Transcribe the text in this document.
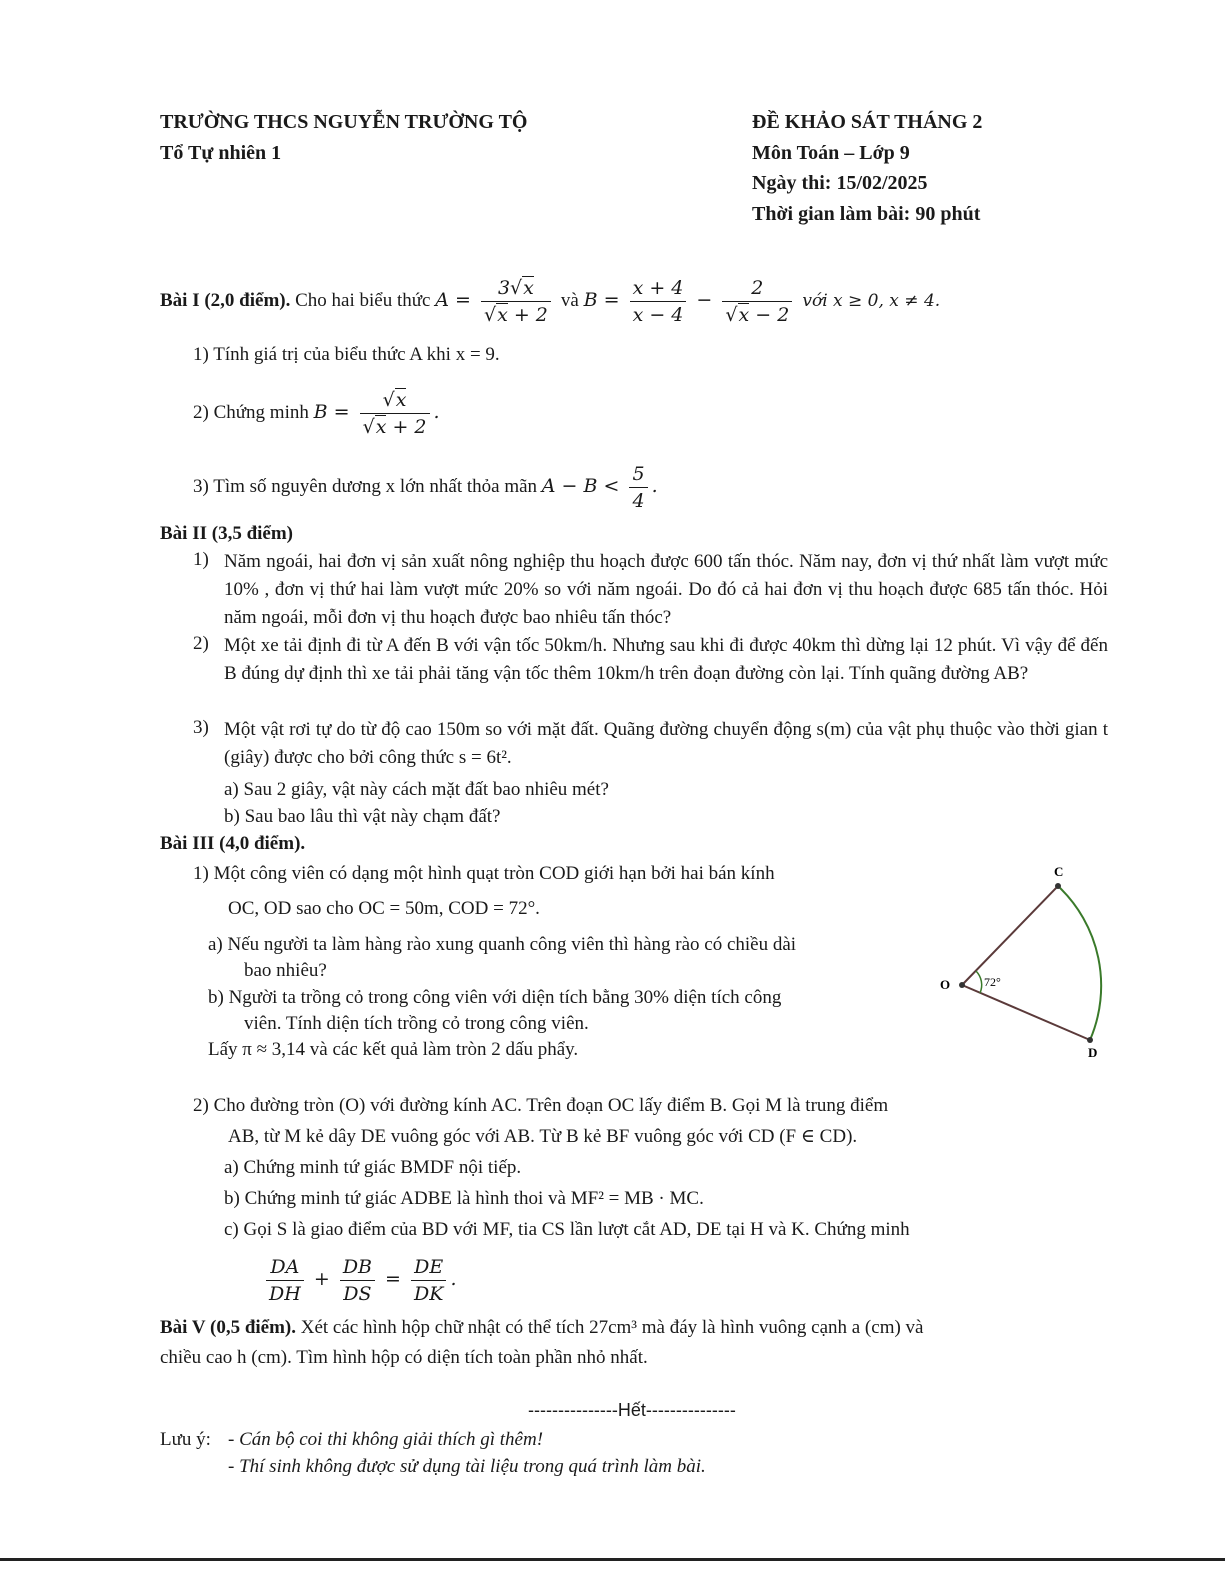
TRƯỜNG THCS NGUYỄN TRƯỜNG TỘ
Tổ Tự nhiên 1
ĐỀ KHẢO SÁT THÁNG 2
Môn Toán – Lớp 9
Ngày thi: 15/02/2025
Thời gian làm bài: 90 phút
Bài I (2,0 điểm). Cho hai biểu thức $A = \frac{3√x}{√x + 2}$ và $B = \frac{x + 4}{x - 4} - \frac{2}{√x - 2}$ với x ≥ 0, x ≠ 4.
1) Tính giá trị của biểu thức A khi x = 9.
2) Chứng minh $B = \frac{√x}{√x + 2}$ .
3) Tìm số nguyên dương x lớn nhất thỏa mãn $A - B < \frac{5}{4}$ .
Bài II (3,5 điểm)
1) Năm ngoái, hai đơn vị sản xuất nông nghiệp thu hoạch được 600 tấn thóc. Năm nay, đơn vị thứ nhất làm vượt mức 10% , đơn vị thứ hai làm vượt mức 20% so với năm ngoái. Do đó cả hai đơn vị thu hoạch được 685 tấn thóc. Hỏi năm ngoái, mỗi đơn vị thu hoạch được bao nhiêu tấn thóc?
2) Một xe tải định đi từ A đến B với vận tốc 50km/h. Nhưng sau khi đi được 40km thì dừng lại 12 phút. Vì vậy để đến B đúng dự định thì xe tải phải tăng vận tốc thêm 10km/h trên đoạn đường còn lại. Tính quãng đường AB?
3) Một vật rơi tự do từ độ cao 150m so với mặt đất. Quãng đường chuyển động s(m) của vật phụ thuộc vào thời gian t (giây) được cho bởi công thức s = 6t².
a) Sau 2 giây, vật này cách mặt đất bao nhiêu mét?
b) Sau bao lâu thì vật này chạm đất?
Bài III (4,0 điểm).
1) Một công viên có dạng một hình quạt tròn COD giới hạn bởi hai bán kính
OC, OD sao cho OC = 50m, COD = 72°.
a) Nếu người ta làm hàng rào xung quanh công viên thì hàng rào có chiều dài
bao nhiêu?
b) Người ta trồng cỏ trong công viên với diện tích bằng 30% diện tích công
viên. Tính diện tích trồng cỏ trong công viên.
Lấy π ≈ 3,14 và các kết quả làm tròn 2 dấu phẩy.
C
O
D
72°
2) Cho đường tròn (O) với đường kính AC. Trên đoạn OC lấy điểm B. Gọi M là trung điểm
AB, từ M kẻ dây DE vuông góc với AB. Từ B kẻ BF vuông góc với CD (F ∈ CD).
a) Chứng minh tứ giác BMDF nội tiếp.
b) Chứng minh tứ giác ADBE là hình thoi và MF² = MB · MC.
c) Gọi S là giao điểm của BD với MF, tia CS lần lượt cắt AD, DE tại H và K. Chứng minh
$\frac{DA}{DH} + \frac{DB}{DS} = \frac{DE}{DK}$ .
Bài V (0,5 điểm). Xét các hình hộp chữ nhật có thể tích 27cm³ mà đáy là hình vuông cạnh a (cm) và
chiều cao h (cm). Tìm hình hộp có diện tích toàn phần nhỏ nhất.
---------------Hết---------------
Lưu ý: - Cán bộ coi thi không giải thích gì thêm!
- Thí sinh không được sử dụng tài liệu trong quá trình làm bài.
